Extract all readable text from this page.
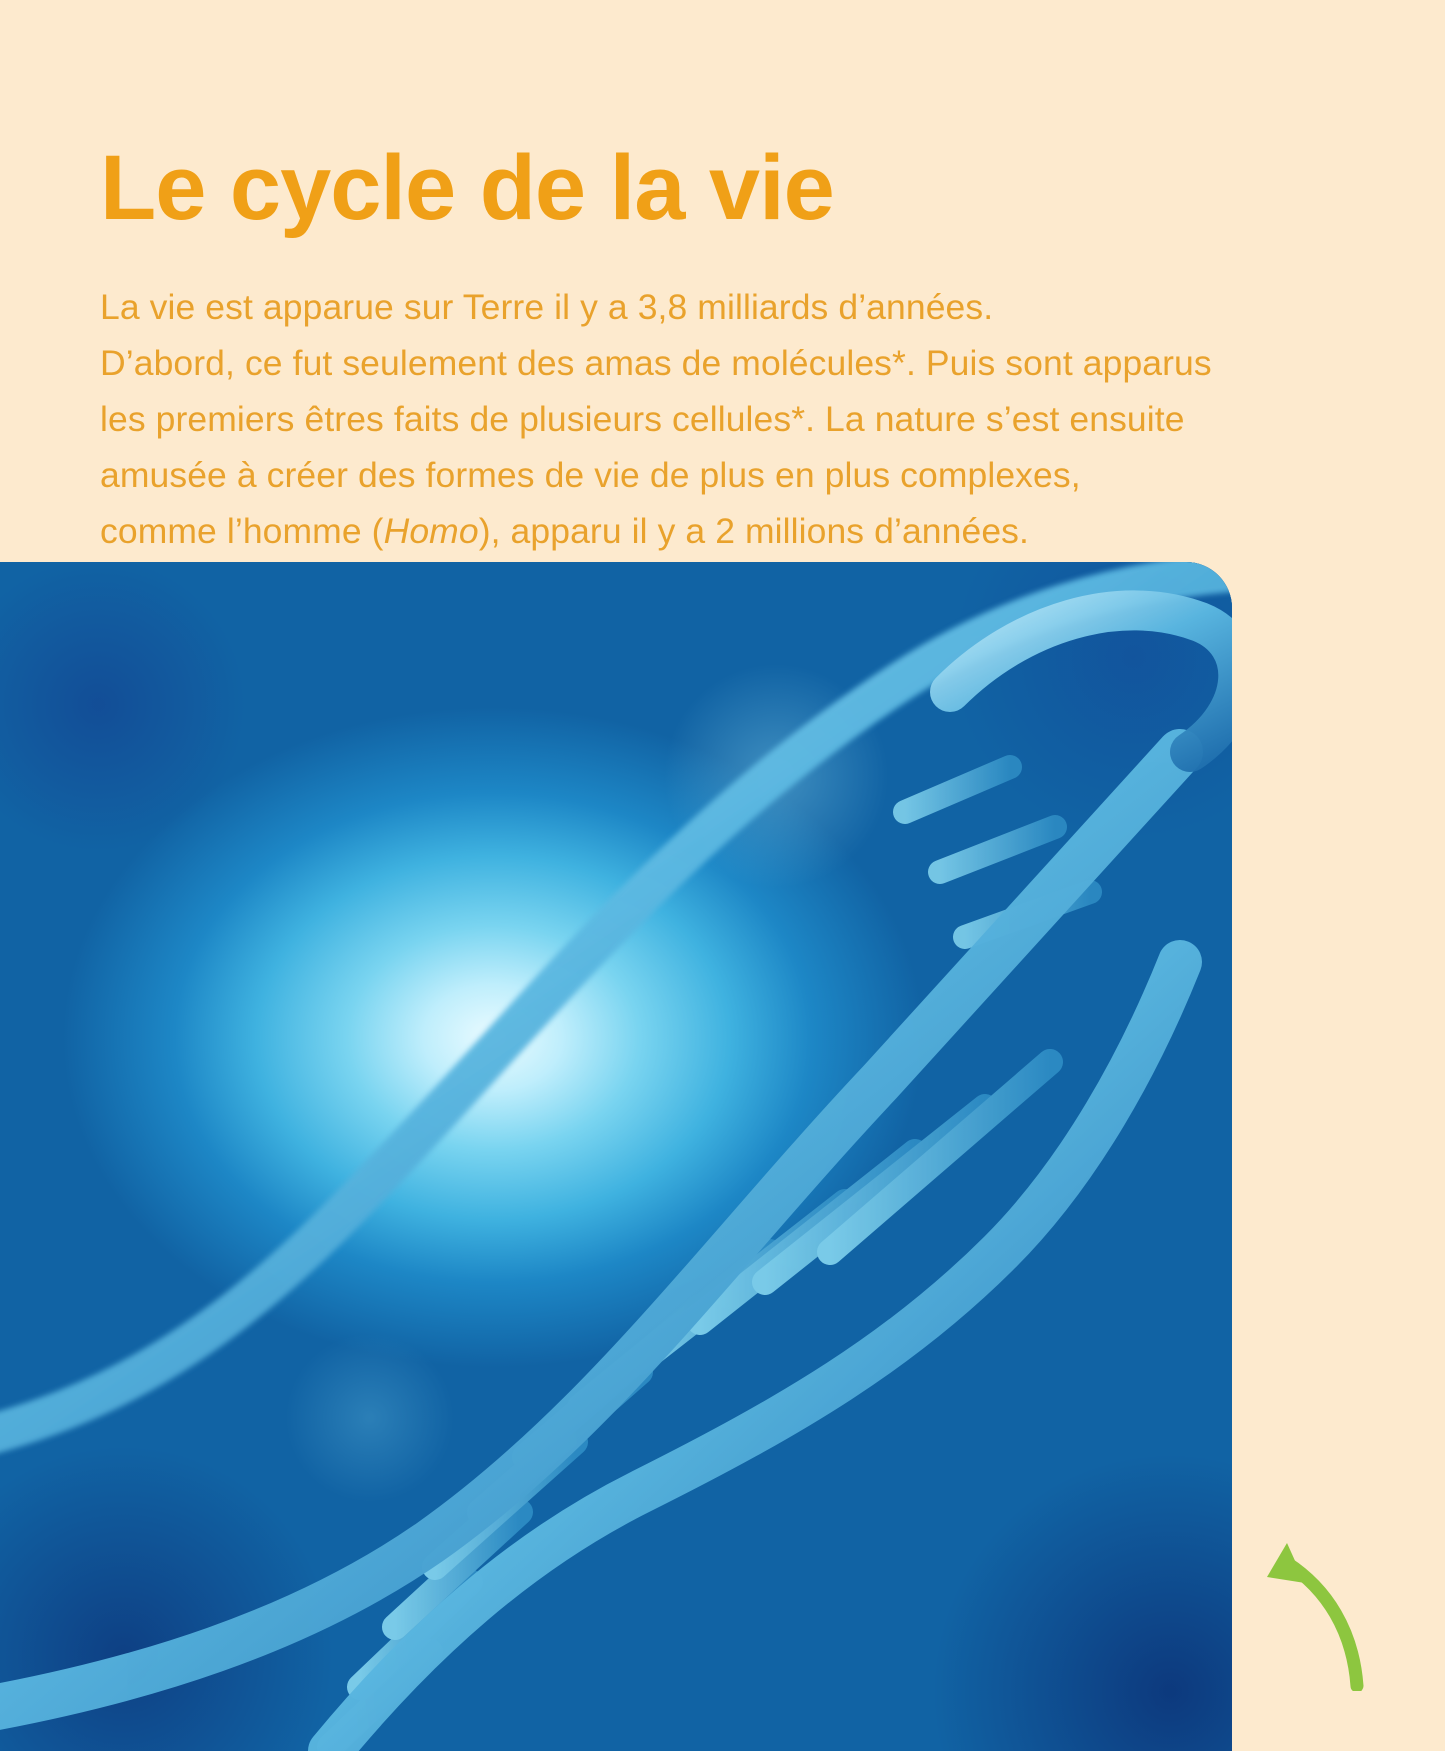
Le cycle de la vie

La vie est apparue sur Terre il y a 3,8 milliards d’années.
D’abord, ce fut seulement des amas de molécules*. Puis sont apparus
les premiers êtres faits de plusieurs cellules*. La nature s’est ensuite
amusée à créer des formes de vie de plus en plus complexes,
comme l’homme (Homo), apparu il y a 2 millions d’années.
